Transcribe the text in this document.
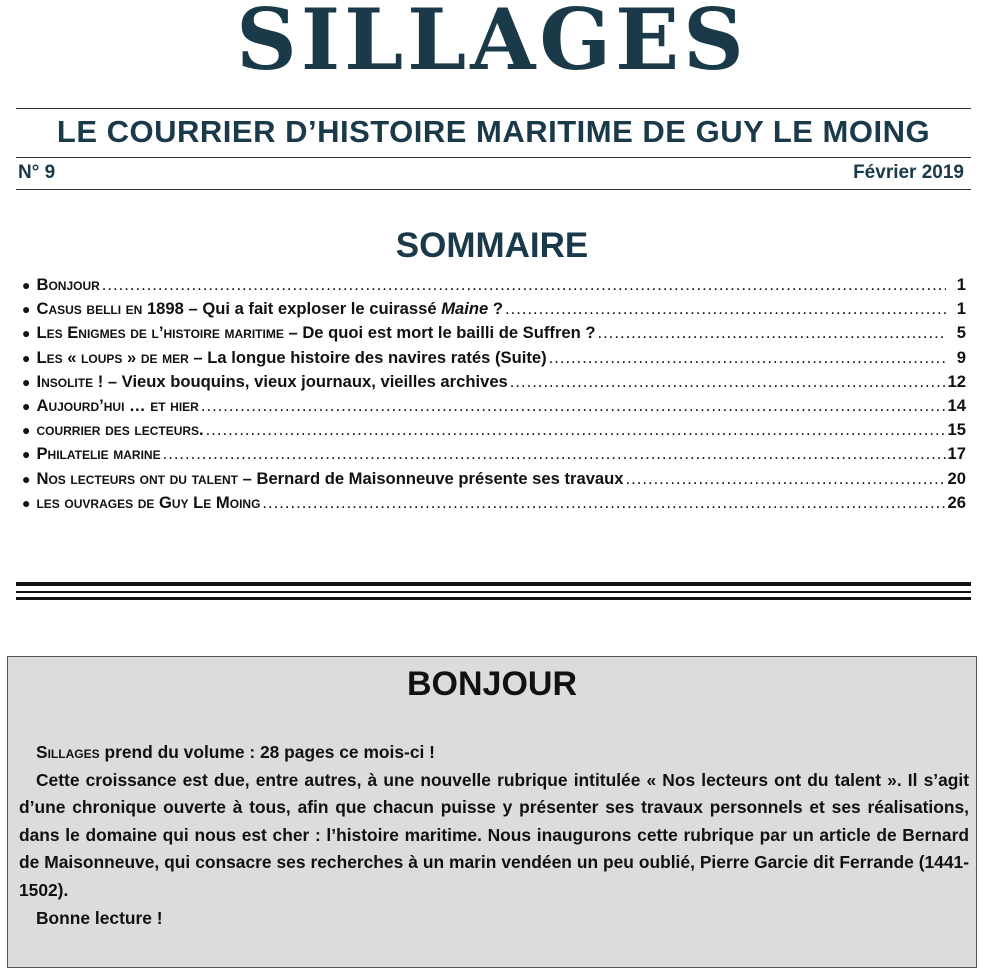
SILLAGES
LE COURRIER D’HISTOIRE MARITIME DE GUY LE MOING
N° 9	Février 2019
SOMMAIRE
● Bonjour .....	1
● Casus belli en 1898 – Qui a fait exploser le cuirassé Maine ? .....	1
● Les Enigmes de l’histoire maritime – De quoi est mort le bailli de Suffren ? .....	5
● Les « loups » de mer – La longue histoire des navires ratés (Suite) .....	9
● Insolite ! – Vieux bouquins, vieux journaux, vieilles archives .....	12
● Aujourd’hui … et hier .....	14
● courrier des lecteurs. .....	15
● Philatelie marine .....	17
● Nos lecteurs ont du talent – Bernard de Maisonneuve présente ses travaux .....	20
● les ouvrages de Guy Le Moing .....	26
BONJOUR

Sillages prend du volume : 28 pages ce mois-ci !

Cette croissance est due, entre autres, à une nouvelle rubrique intitulée « Nos lecteurs ont du talent ». Il s’agit d’une chronique ouverte à tous, afin que chacun puisse y présenter ses travaux personnels et ses réalisations, dans le domaine qui nous est cher : l’histoire maritime. Nous inaugurons cette rubrique par un article de Bernard de Maisonneuve, qui consacre ses recherches à un marin vendéen un peu oublié, Pierre Garcie dit Ferrande (1441-1502).

Bonne lecture !
